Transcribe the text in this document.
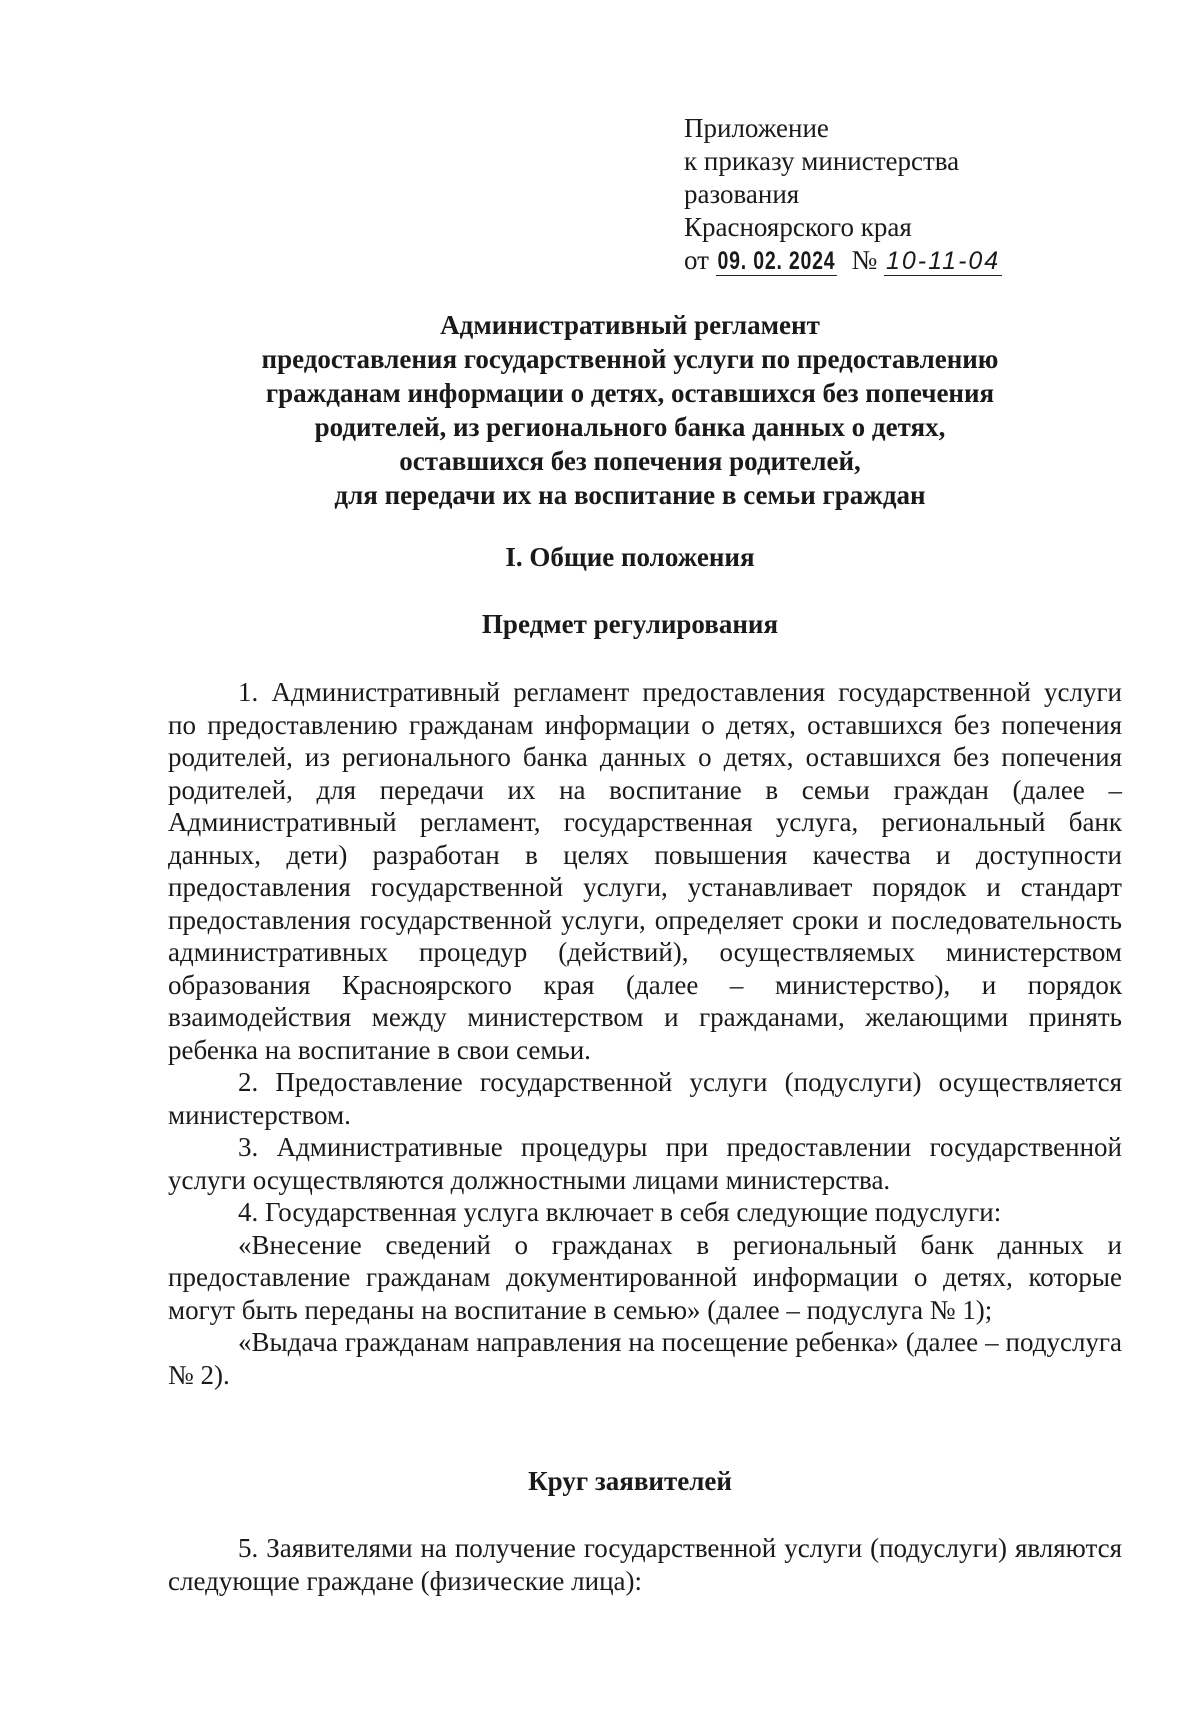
Приложение
к приказу министерства
разования
Красноярского края
от 09. 02. 2024 № 10-11-04
Административный регламент
предоставления государственной услуги по предоставлению
гражданам информации о детях, оставшихся без попечения
родителей, из регионального банка данных о детях,
оставшихся без попечения родителей,
для передачи их на воспитание в семьи граждан
I. Общие положения
Предмет регулирования

1. Административный регламент предоставления государственной услуги по предоставлению гражданам информации о детях, оставшихся без попечения родителей, из регионального банка данных о детях, оставшихся без попечения родителей, для передачи их на воспитание в семьи граждан (далее – Административный регламент, государственная услуга, региональный банк данных, дети) разработан в целях повышения качества и доступности предоставления государственной услуги, устанавливает порядок и стандарт предоставления государственной услуги, определяет сроки и последовательность административных процедур (действий), осуществляемых министерством образования Красноярского края (далее – министерство), и порядок взаимодействия между министерством и гражданами, желающими принять ребенка на воспитание в свои семьи.

2. Предоставление государственной услуги (подуслуги) осуществляется министерством.

3. Административные процедуры при предоставлении государственной услуги осуществляются должностными лицами министерства.

4. Государственная услуга включает в себя следующие подуслуги:

«Внесение сведений о гражданах в региональный банк данных и предоставление гражданам документированной информации о детях, которые могут быть переданы на воспитание в семью» (далее – подуслуга № 1);

«Выдача гражданам направления на посещение ребенка» (далее – подуслуга № 2).

Круг заявителей

5. Заявителями на получение государственной услуги (подуслуги) являются следующие граждане (физические лица):
